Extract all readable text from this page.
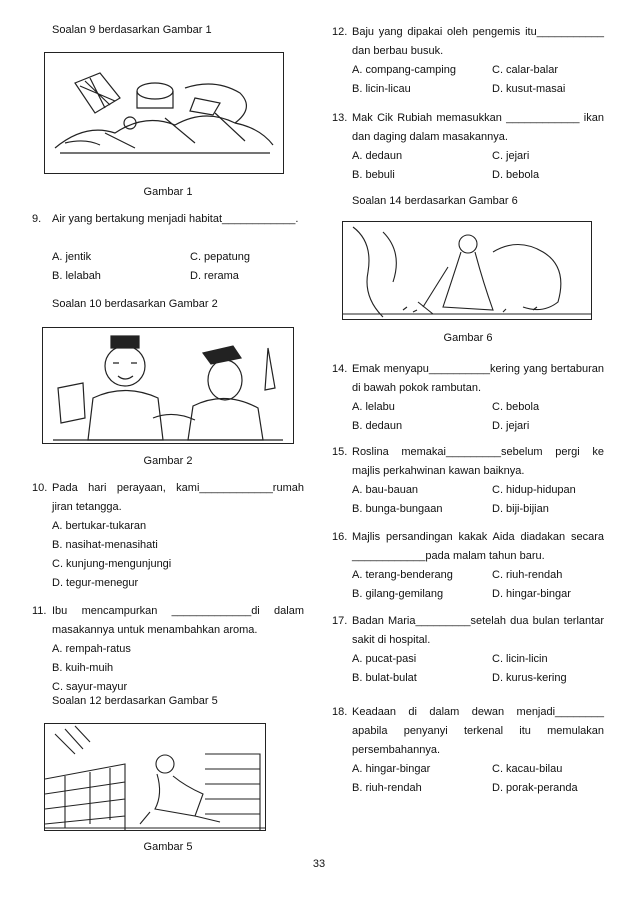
Soalan 9 berdasarkan Gambar 1
Gambar 1
9. Air yang bertakung menjadi habitat____________.
A. jentik	C. pepatung
B. lelabah	D. rerama
Soalan 10 berdasarkan Gambar 2
Gambar 2
10. Pada hari perayaan, kami____________rumah jiran tetangga.
A. bertukar-tukaran
B. nasihat-menasihati
C. kunjung-mengunjungi
D. tegur-menegur
11. Ibu mencampurkan _____________di dalam masakannya untuk menambahkan aroma.
A. rempah-ratus
B. kuih-muih
C. sayur-mayur
Soalan 12 berdasarkan Gambar 5
Gambar 5
12. Baju yang dipakai oleh pengemis itu___________ dan berbau busuk.
A. compang-camping	C. calar-balar
B. licin-licau	D. kusut-masai
13. Mak Cik Rubiah memasukkan ____________ ikan dan daging dalam masakannya.
A. dedaun	C. jejari
B. bebuli	D. bebola
Soalan 14 berdasarkan Gambar 6
Gambar 6
14. Emak menyapu__________kering yang bertaburan di bawah pokok rambutan.
A. lelabu	C. bebola
B. dedaun	D. jejari
15. Roslina memakai_________sebelum pergi ke majlis perkahwinan kawan baiknya.
A. bau-bauan	C. hidup-hidupan
B. bunga-bungaan	D. biji-bijian
16. Majlis persandingan kakak Aida diadakan secara ____________pada malam tahun baru.
A. terang-benderang	C. riuh-rendah
B. gilang-gemilang	D. hingar-bingar
17. Badan Maria_________setelah dua bulan terlantar sakit di hospital.
A. pucat-pasi	C. licin-licin
B. bulat-bulat	D. kurus-kering
18. Keadaan di dalam dewan menjadi________ apabila penyanyi terkenal itu memulakan persembahannya.
A. hingar-bingar	C. kacau-bilau
B. riuh-rendah	D. porak-peranda
33
